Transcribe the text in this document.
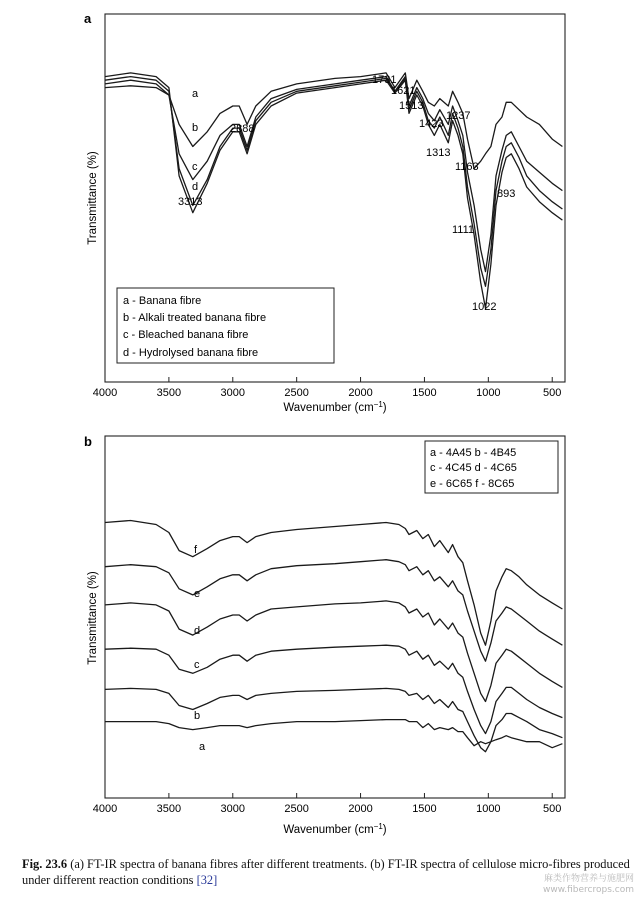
a
4000	3500	3000	2500	2000	1500	1000	500
Transmittance (%)
Wavenumber $(cm^{-1})$
a - Banana fibre
b - Alkali treated banana fibre
c - Bleached banana fibre
d - Hydrolysed banana fibre
3313
2888
1731
1621
1513
1423
1237
1313
1163
893
1111
1022
a
b
c
d
b
4000	3500	3000	2500	2000	1500	1000	500
Transmittance (%)
Wavenumber $(cm^{-1})$
a - 4A45 b - 4B45
c - 4C45 d - 4C65
e - 6C65 f - 8C65
f
e
d
c
b
a
Fig. 23.6 (a) FT-IR spectra of banana fibres after different treatments. (b) FT-IR spectra of cellulose micro-fibres produced under different reaction conditions [32]	麻类作物营养与施肥网
www.fibercrops.com
